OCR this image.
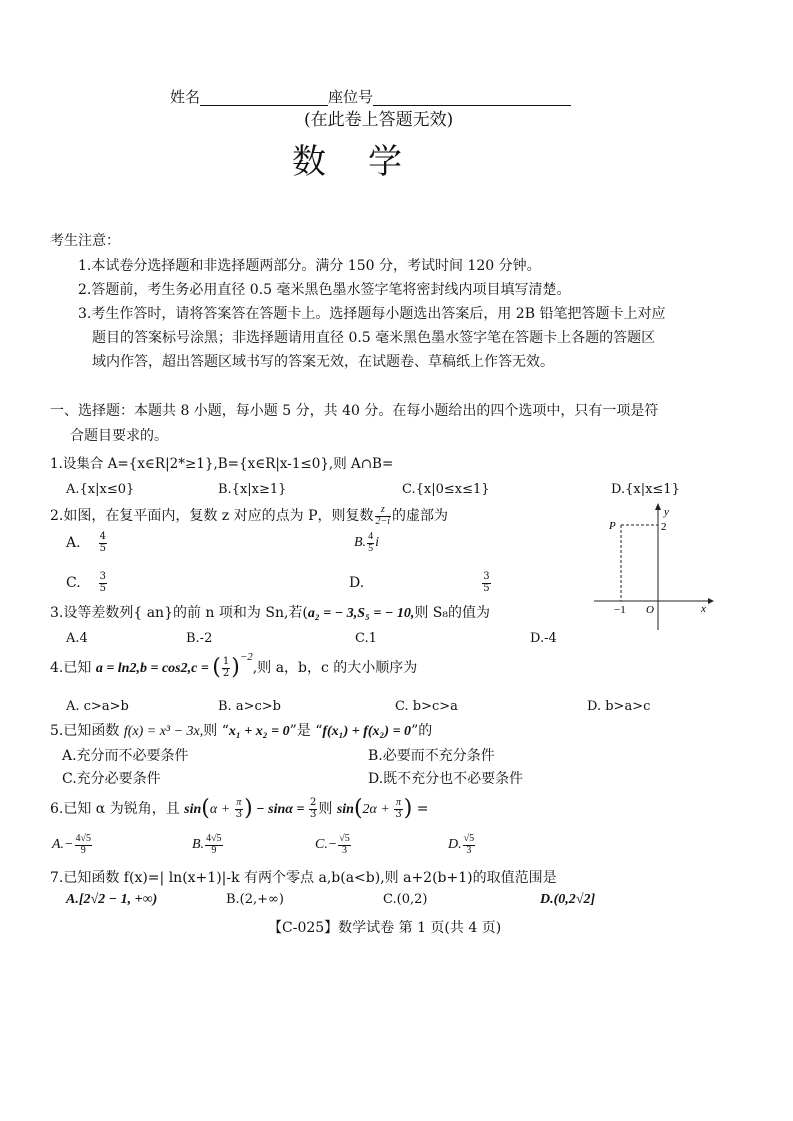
姓名	座位号
(在此卷上答题无效)
数　学
考生注意：
1.本试卷分选择题和非选择题两部分。满分 150 分，考试时间 120 分钟。
2.答题前，考生务必用直径 0.5 毫米黑色墨水签字笔将密封线内项目填写清楚。
3.考生作答时，请将答案答在答题卡上。选择题每小题选出答案后，用 2B 铅笔把答题卡上对应
题目的答案标号涂黑；非选择题请用直径 0.5 毫米黑色墨水签字笔在答题卡上各题的答题区
域内作答，超出答题区域书写的答案无效，在试题卷、草稿纸上作答无效。
一、选择题：本题共 8 小题，每小题 5 分，共 40 分。在每小题给出的四个选项中，只有一项是符
合题目要求的。
1.设集合 A={x∈R|2*≥1},B={x∈R|x-1≤0},则 A∩B=
A.{x|x≤0}	B.{x|x≥1}	C.{x|0≤x≤1}	D.{x|x≤1}
2.如图，在复平面内，复数 z 对应的点为 P，则复数 $\frac{z}{2-i}$ 的虚部为
A. $\frac{4}{5}$	B. $\frac{4}{5}$ i
C. $\frac{3}{5}$	D.	$\frac{3}{5}$
y
x
O
P	2
−1
3.设等差数列{ an}的前 n 项和为 Sn,若(a₂ = − 3,S₅ = − 10,则 S₈的值为
A.4	B.-2	C.1	D.-4
4.已知 a = ln2,b = cos2,c = ( $\frac{1}{2} )^{-2}$,则 a，b，c 的大小顺序为
A. c>a>b	B. a>c>b	C. b>c>a	D. b>a>c
5.已知函数 f(x) = x³ − 3x,则 “x₁ + x₂ = 0”是 “f(x₁) + f(x₂) = 0”的
A.充分而不必要条件	B.必要而不充分条件
C.充分必要条件	D.既不充分也不必要条件
6.已知 α 为锐角，且 $\sin(\alpha + \frac{\pi}{3}$ ) − $\sin\alpha = \frac{2}{3}$ 则 $\sin(2\alpha + \frac{\pi}{3}$ ) =
$A.- \frac{4√5}{9}$	B. $\frac{4√5}{9}$	$C.- \frac{√5}{3}$	D. $\frac{√5}{3}$
7.已知函数 f(x)=| ln(x+1)|-k 有两个零点 a,b(a<b),则 a+2(b+1)的取值范围是
A.[2√2 − 1, +∞)	B.(2,+∞)	C.(0,2)	D.(0,2√2]
【C-025】数学试卷 第 1 页(共 4 页)
